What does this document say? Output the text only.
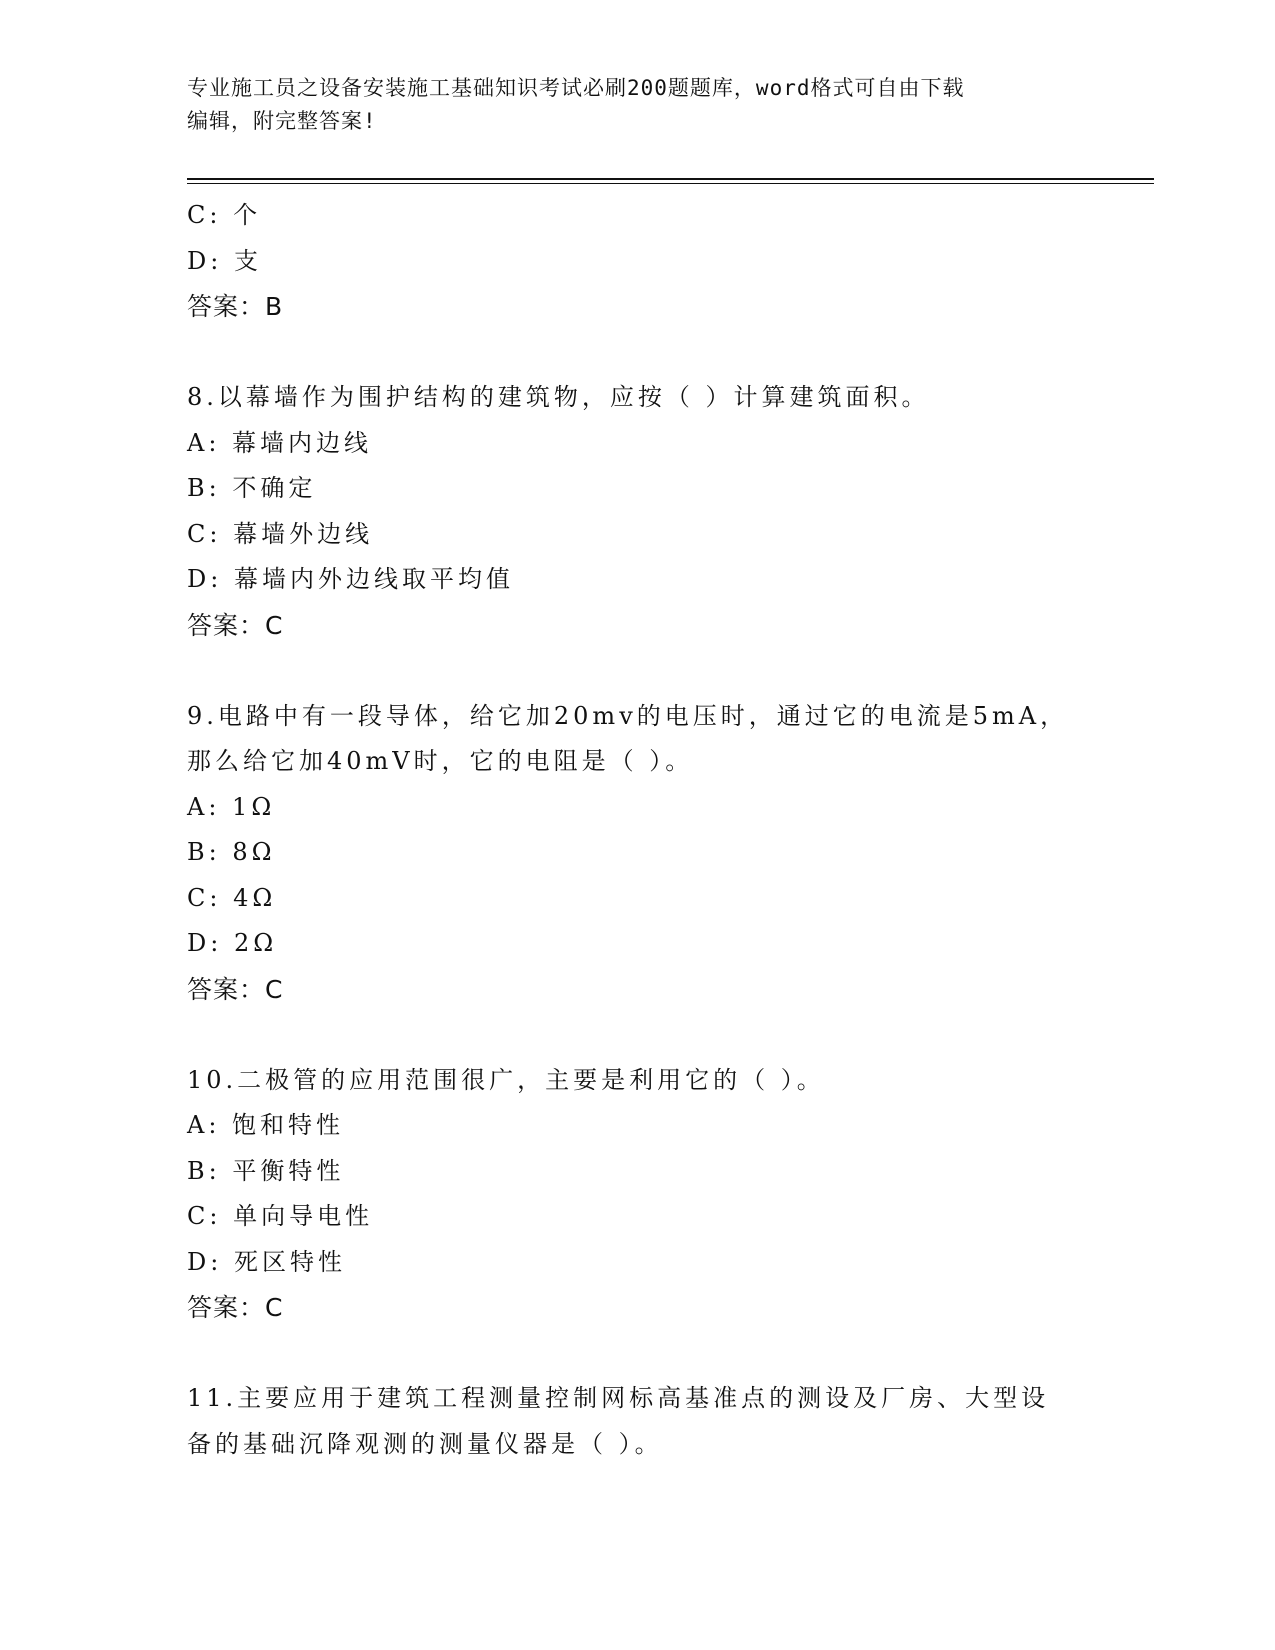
专业施工员之设备安装施工基础知识考试必刷200题题库，word格式可自由下载
编辑，附完整答案!
C: 个
D: 支
答案：B
8.以幕墙作为围护结构的建筑物，应按（ ）计算建筑面积。
A: 幕墙内边线
B: 不确定
C: 幕墙外边线
D: 幕墙内外边线取平均值
答案：C
9.电路中有一段导体，给它加20mv的电压时，通过它的电流是5mA，
那么给它加40mV时，它的电阻是（ ）。
A: 1Ω
B: 8Ω
C: 4Ω
D: 2Ω
答案：C
10.二极管的应用范围很广，主要是利用它的（ ）。
A: 饱和特性
B: 平衡特性
C: 单向导电性
D: 死区特性
答案：C
11.主要应用于建筑工程测量控制网标高基准点的测设及厂房、大型设
备的基础沉降观测的测量仪器是（ ）。
